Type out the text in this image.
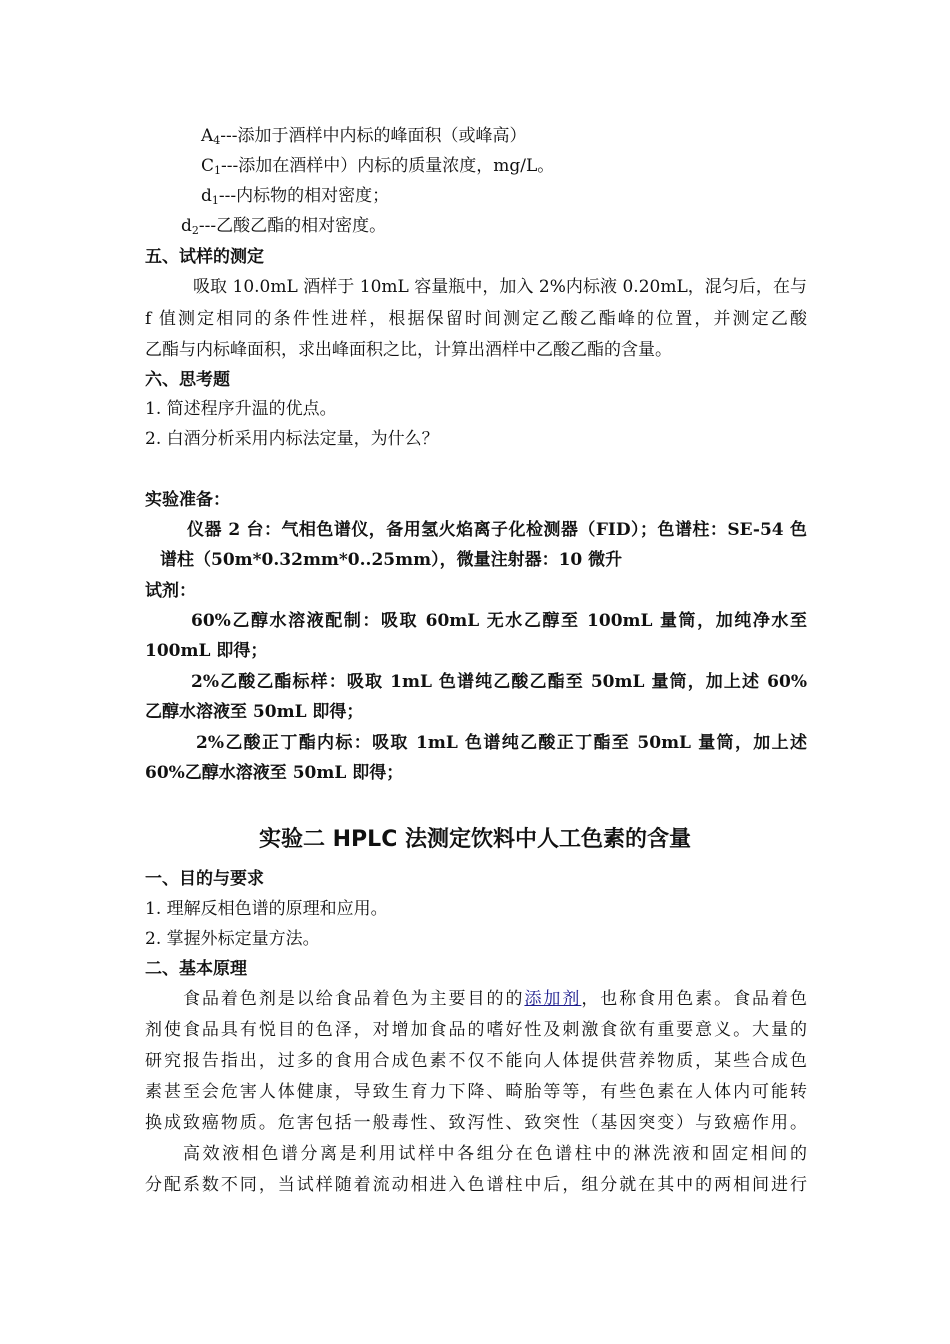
$A_4---$添加于酒样中内标的峰面积（或峰高）
$C_1---$添加在酒样中）内标的质量浓度，mg/L。
$d_1---$内标物的相对密度；
$d_2---$乙酸乙酯的相对密度。
五、试样的测定
吸取 10.0mL 酒样于 10mL 容量瓶中，加入 2%内标液 0.20mL，混匀后，在与
f 值测定相同的条件性进样，根据保留时间测定乙酸乙酯峰的位置，并测定乙酸
乙酯与内标峰面积，求出峰面积之比，计算出酒样中乙酸乙酯的含量。
六、思考题
1. 简述程序升温的优点。
2. 白酒分析采用内标法定量，为什么？
实验准备：
仪器 2 台：气相色谱仪，备用氢火焰离子化检测器（FID）；色谱柱：SE-54 色
谱柱（50m*0.32mm*0..25mm），微量注射器：10 微升
试剂：
60%乙醇水溶液配制：吸取 60mL 无水乙醇至 100mL 量筒，加纯净水至
100mL 即得；
2%乙酸乙酯标样：吸取 1mL 色谱纯乙酸乙酯至 50mL 量筒，加上述 60%
乙醇水溶液至 50mL 即得；
2%乙酸正丁酯内标：吸取 1mL 色谱纯乙酸正丁酯至 50mL 量筒，加上述
60%乙醇水溶液至 50mL 即得；
实验二 HPLC 法测定饮料中人工色素的含量
一、目的与要求
1. 理解反相色谱的原理和应用。
2. 掌握外标定量方法。
二、基本原理
食品着色剂是以给食品着色为主要目的的添加剂，也称食用色素。食品着色
剂使食品具有悦目的色泽，对增加食品的嗜好性及刺激食欲有重要意义。大量的
研究报告指出，过多的食用合成色素不仅不能向人体提供营养物质，某些合成色
素甚至会危害人体健康，导致生育力下降、畸胎等等，有些色素在人体内可能转
换成致癌物质。危害包括一般毒性、致泻性、致突性（基因突变）与致癌作用。
高效液相色谱分离是利用试样中各组分在色谱柱中的淋洗液和固定相间的
分配系数不同，当试样随着流动相进入色谱柱中后，组分就在其中的两相间进行
